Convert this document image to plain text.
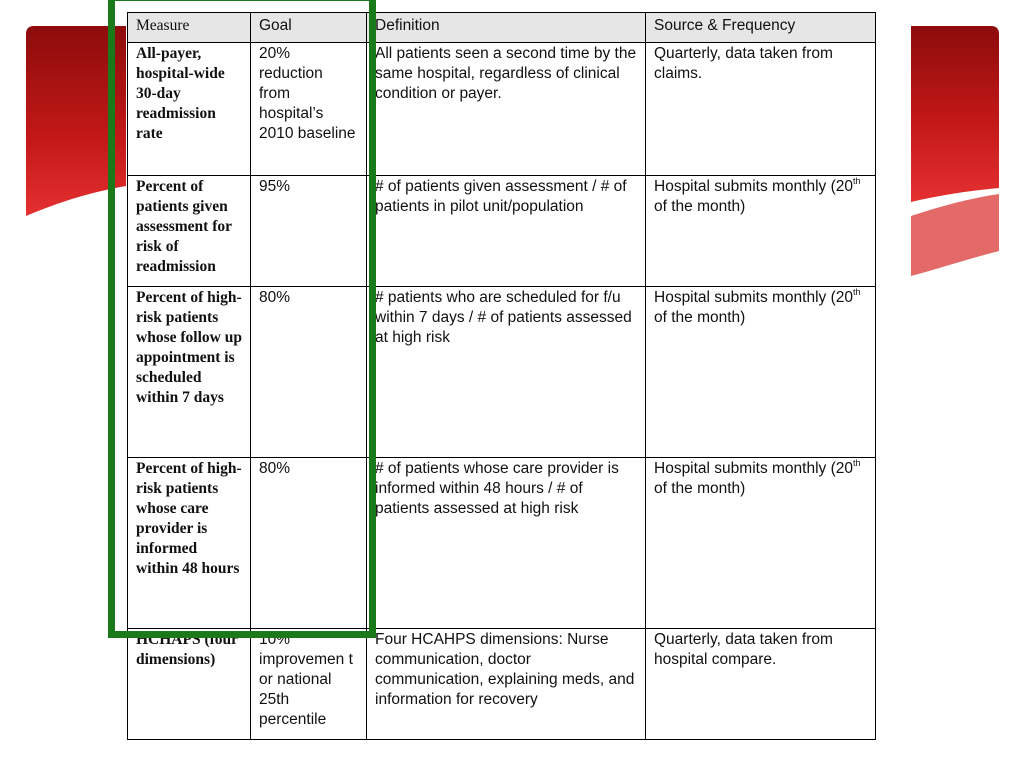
Measure	Goal	Definition	Source & Frequency
All-payer, hospital-wide 30-day readmission rate	20% reduction from hospital’s 2010 baseline	All patients seen a second time by the same hospital, regardless of clinical condition or payer.	Quarterly, data taken from claims.
Percent of patients given assessment for risk of readmission	95%	# of patients given assessment / # of patients in pilot unit/population	Hospital submits monthly (20th of the month)
Percent of high-risk patients whose follow up appointment is scheduled within 7 days	80%	# patients who are scheduled for f/u within 7 days / # of patients assessed at high risk	Hospital submits monthly (20th of the month)
Percent of high-risk patients whose care provider is informed within 48 hours	80%	# of patients whose care provider is informed within 48 hours / # of patients assessed at high risk	Hospital submits monthly (20th of the month)
HCHAPS (four dimensions)	10% improvemen t or national 25th percentile	Four HCAHPS dimensions: Nurse communication, doctor communication, explaining meds, and information for recovery	Quarterly, data taken from hospital compare.
